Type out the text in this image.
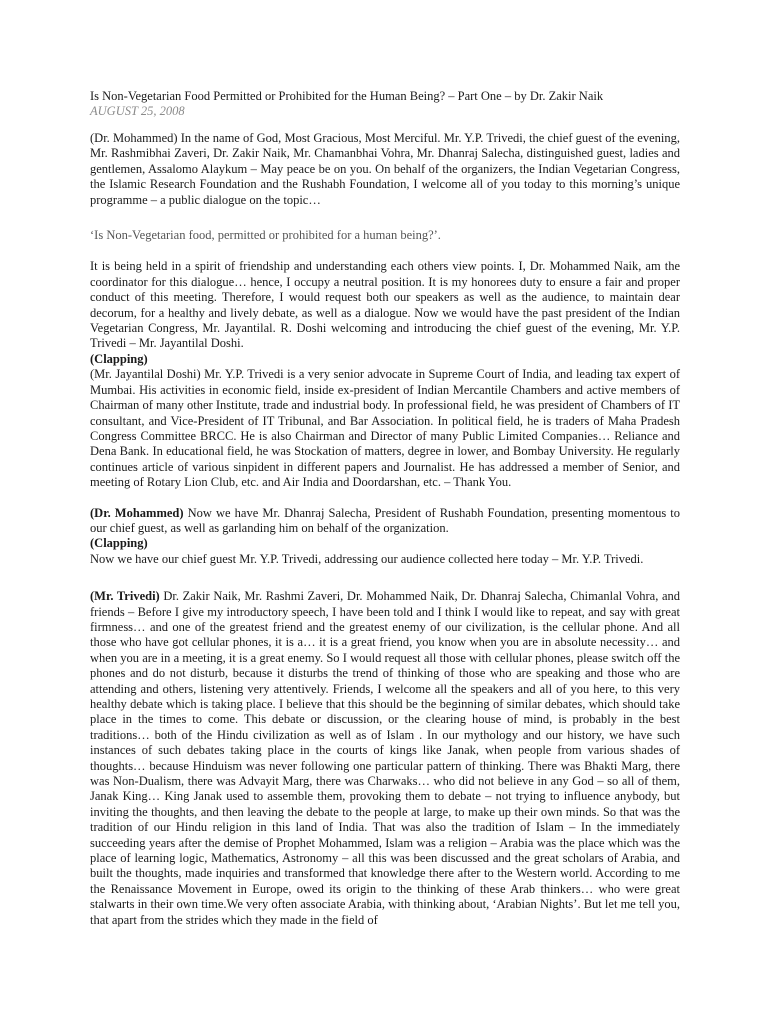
Is Non-Vegetarian Food Permitted or Prohibited for the Human Being? – Part One – by Dr. Zakir Naik

AUGUST 25, 2008

(Dr. Mohammed) In the name of God, Most Gracious, Most Merciful. Mr. Y.P. Trivedi, the chief guest of the evening, Mr. Rashmibhai Zaveri, Dr. Zakir Naik, Mr. Chamanbhai Vohra, Mr. Dhanraj Salecha, distinguished guest, ladies and gentlemen, Assalomo Alaykum – May peace be on you. On behalf of the organizers, the Indian Vegetarian Congress, the Islamic Research Foundation and the Rushabh Foundation, I welcome all of you today to this morning’s unique programme – a public dialogue on the topic…

‘Is Non-Vegetarian food, permitted or prohibited for a human being?’.

It is being held in a spirit of friendship and understanding each others view points. I, Dr. Mohammed Naik, am the coordinator for this dialogue… hence, I occupy a neutral position. It is my honorees duty to ensure a fair and proper conduct of this meeting. Therefore, I would request both our speakers as well as the audience, to maintain dear decorum, for a healthy and lively debate, as well as a dialogue. Now we would have the past president of the Indian Vegetarian Congress, Mr. Jayantilal. R. Doshi welcoming and introducing the chief guest of the evening, Mr. Y.P. Trivedi – Mr. Jayantilal Doshi.

(Clapping)

(Mr. Jayantilal Doshi) Mr. Y.P. Trivedi is a very senior advocate in Supreme Court of India, and leading tax expert of Mumbai. His activities in economic field, inside ex-president of Indian Mercantile Chambers and active members of Chairman of many other Institute, trade and industrial body. In professional field, he was president of Chambers of IT consultant, and Vice-President of IT Tribunal, and Bar Association. In political field, he is traders of Maha Pradesh Congress Committee BRCC. He is also Chairman and Director of many Public Limited Companies… Reliance and Dena Bank. In educational field, he was Stockation of matters, degree in lower, and Bombay University. He regularly continues article of various sinpident in different papers and Journalist. He has addressed a member of Senior, and meeting of Rotary Lion Club, etc. and Air India and Doordarshan, etc. – Thank You.

(Dr. Mohammed) Now we have Mr. Dhanraj Salecha, President of Rushabh Foundation, presenting momentous to our chief guest, as well as garlanding him on behalf of the organization.

(Clapping)

Now we have our chief guest Mr. Y.P. Trivedi, addressing our audience collected here today – Mr. Y.P. Trivedi.

(Mr. Trivedi) Dr. Zakir Naik, Mr. Rashmi Zaveri, Dr. Mohammed Naik, Dr. Dhanraj Salecha, Chimanlal Vohra, and friends – Before I give my introductory speech, I have been told and I think I would like to repeat, and say with great firmness… and one of the greatest friend and the greatest enemy of our civilization, is the cellular phone. And all those who have got cellular phones, it is a… it is a great friend, you know when you are in absolute necessity… and when you are in a meeting, it is a great enemy. So I would request all those with cellular phones, please switch off the phones and do not disturb, because it disturbs the trend of thinking of those who are speaking and those who are attending and others, listening very attentively. Friends, I welcome all the speakers and all of you here, to this very healthy debate which is taking place. I believe that this should be the beginning of similar debates, which should take place in the times to come. This debate or discussion, or the clearing house of mind, is probably in the best traditions… both of the Hindu civilization as well as of Islam . In our mythology and our history, we have such instances of such debates taking place in the courts of kings like Janak, when people from various shades of thoughts… because Hinduism was never following one particular pattern of thinking. There was Bhakti Marg, there was Non-Dualism, there was Advayit Marg, there was Charwaks… who did not believe in any God – so all of them, Janak King… King Janak used to assemble them, provoking them to debate – not trying to influence anybody, but inviting the thoughts, and then leaving the debate to the people at large, to make up their own minds. So that was the tradition of our Hindu religion in this land of India. That was also the tradition of Islam – In the immediately succeeding years after the demise of Prophet Mohammed, Islam was a religion – Arabia was the place which was the place of learning logic, Mathematics, Astronomy – all this was been discussed and the great scholars of Arabia, and built the thoughts, made inquiries and transformed that knowledge there after to the Western world. According to me the Renaissance Movement in Europe, owed its origin to the thinking of these Arab thinkers… who were great stalwarts in their own time.We very often associate Arabia, with thinking about, ‘Arabian Nights’. But let me tell you, that apart from the strides which they made in the field of
